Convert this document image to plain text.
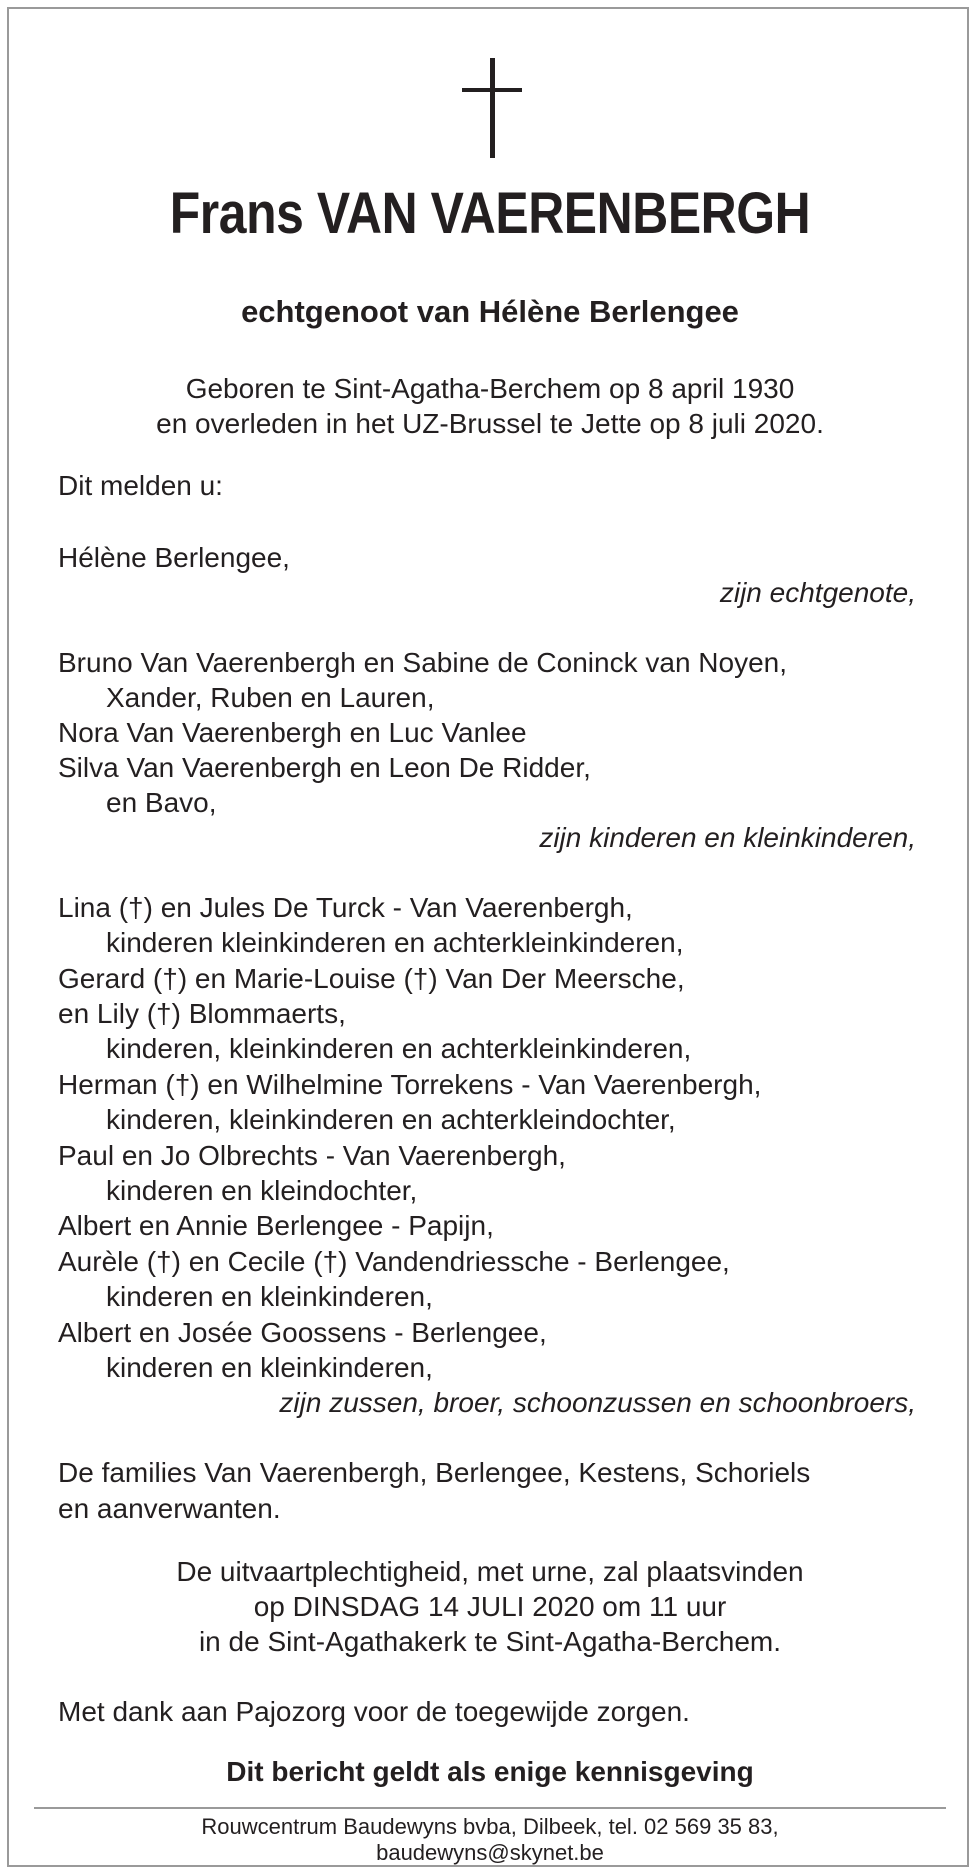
Frans VAN VAERENBERGH
echtgenoot van Hélène Berlengee
Geboren te Sint-Agatha-Berchem op 8 april 1930
en overleden in het UZ-Brussel te Jette op 8 juli 2020.
Dit melden u:
Hélène Berlengee,
zijn echtgenote,
Bruno Van Vaerenbergh en Sabine de Coninck van Noyen,
Xander, Ruben en Lauren,
Nora Van Vaerenbergh en Luc Vanlee
Silva Van Vaerenbergh en Leon De Ridder,
en Bavo,
zijn kinderen en kleinkinderen,
Lina (†) en Jules De Turck - Van Vaerenbergh,
kinderen kleinkinderen en achterkleinkinderen,
Gerard (†) en Marie-Louise (†) Van Der Meersche,
en Lily (†) Blommaerts,
kinderen, kleinkinderen en achterkleinkinderen,
Herman (†) en Wilhelmine Torrekens - Van Vaerenbergh,
kinderen, kleinkinderen en achterkleindochter,
Paul en Jo Olbrechts - Van Vaerenbergh,
kinderen en kleindochter,
Albert en Annie Berlengee - Papijn,
Aurèle (†) en Cecile (†) Vandendriessche - Berlengee,
kinderen en kleinkinderen,
Albert en Josée Goossens - Berlengee,
kinderen en kleinkinderen,
zijn zussen, broer, schoonzussen en schoonbroers,
De families Van Vaerenbergh, Berlengee, Kestens, Schoriels
en aanverwanten.
De uitvaartplechtigheid, met urne, zal plaatsvinden
op DINSDAG 14 JULI 2020 om 11 uur
in de Sint-Agathakerk te Sint-Agatha-Berchem.
Met dank aan Pajozorg voor de toegewijde zorgen.
Dit bericht geldt als enige kennisgeving
Rouwcentrum Baudewyns bvba, Dilbeek, tel. 02 569 35 83,
baudewyns@skynet.be
